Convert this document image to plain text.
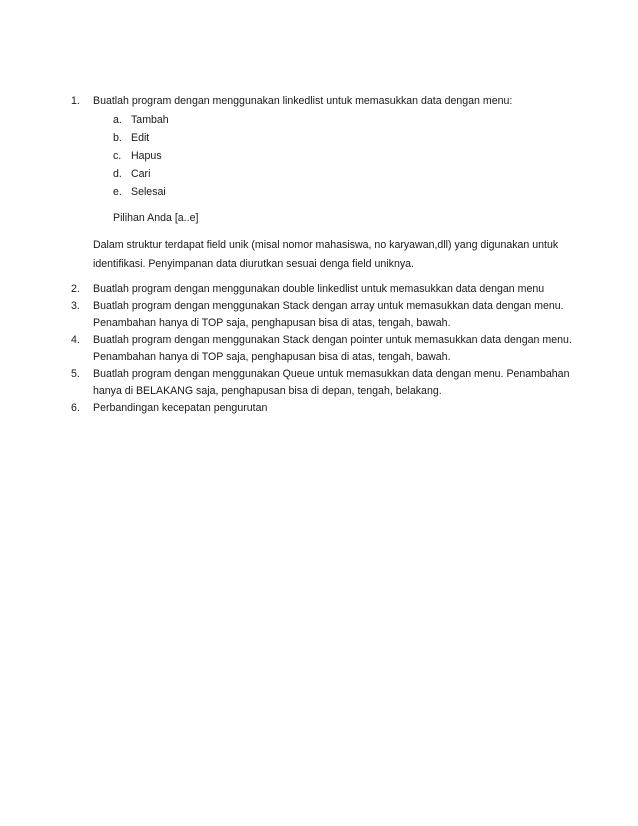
1. Buatlah program dengan menggunakan linkedlist untuk memasukkan data dengan menu:
a. Tambah
b. Edit
c. Hapus
d. Cari
e. Selesai
Pilihan Anda [a..e]
Dalam struktur terdapat field unik (misal nomor mahasiswa, no karyawan,dll) yang digunakan untuk identifikasi. Penyimpanan data diurutkan sesuai denga field uniknya.
2. Buatlah program dengan menggunakan double linkedlist untuk memasukkan data dengan menu
3. Buatlah program dengan menggunakan Stack dengan array untuk memasukkan data dengan menu. Penambahan hanya di TOP saja, penghapusan bisa di atas, tengah, bawah.
4. Buatlah program dengan menggunakan Stack dengan pointer untuk memasukkan data dengan menu. Penambahan hanya di TOP saja, penghapusan bisa di atas, tengah, bawah.
5. Buatlah program dengan menggunakan Queue untuk memasukkan data dengan menu. Penambahan hanya di BELAKANG saja, penghapusan bisa di depan, tengah, belakang.
6. Perbandingan kecepatan pengurutan
